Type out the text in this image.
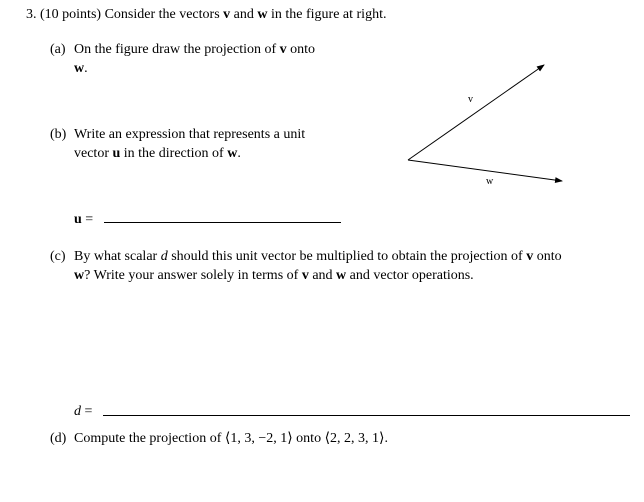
3. (10 points) Consider the vectors v and w in the figure at right.
(a) On the figure draw the projection of v onto
w.
v
w
(b) Write an expression that represents a unit
vector u in the direction of w.
u =
(c) By what scalar d should this unit vector be multiplied to obtain the projection of v onto
w? Write your answer solely in terms of v and w and vector operations.
d =
(d) Compute the projection of ⟨1, 3, −2, 1⟩ onto ⟨2, 2, 3, 1⟩.
